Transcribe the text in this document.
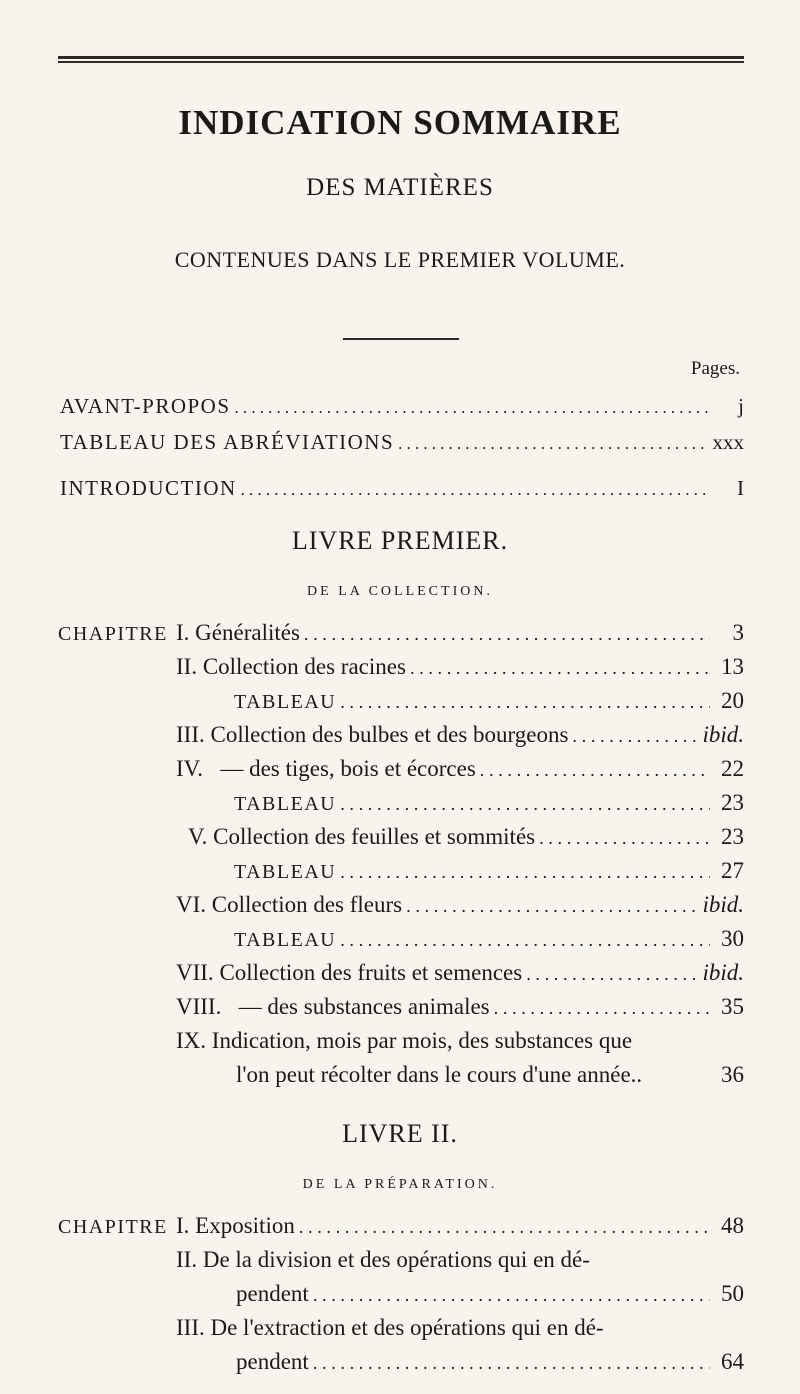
INDICATION SOMMAIRE
DES MATIÈRES
CONTENUES DANS LE PREMIER VOLUME.
Pages.
AVANT-PROPOS . . .	j
TABLEAU DES ABRÉVIATIONS . . .	xxx
INTRODUCTION . . .	I
LIVRE PREMIER.
DE LA COLLECTION.
CHAPITRE I. Généralités . . .	3
II. Collection des racines . . .	13
TABLEAU . . .	20
III. Collection des bulbes et des bourgeons . . .	ibid.
IV. — des tiges, bois et écorces . . .	22
TABLEAU . . .	23
V. Collection des feuilles et sommités . . .	23
TABLEAU . . .	27
VI. Collection des fleurs . . .	ibid.
TABLEAU . . .	30
VII. Collection des fruits et semences . . .	ibid.
VIII. — des substances animales . . .	35
IX. Indication, mois par mois, des substances que
l'on peut récolter dans le cours d'une année..	36
LIVRE II.
DE LA PRÉPARATION.
CHAPITRE I. Exposition . . .	48
II. De la division et des opérations qui en dé-
pendent . . .	50
III. De l'extraction et des opérations qui en dé-
pendent . . .	64
